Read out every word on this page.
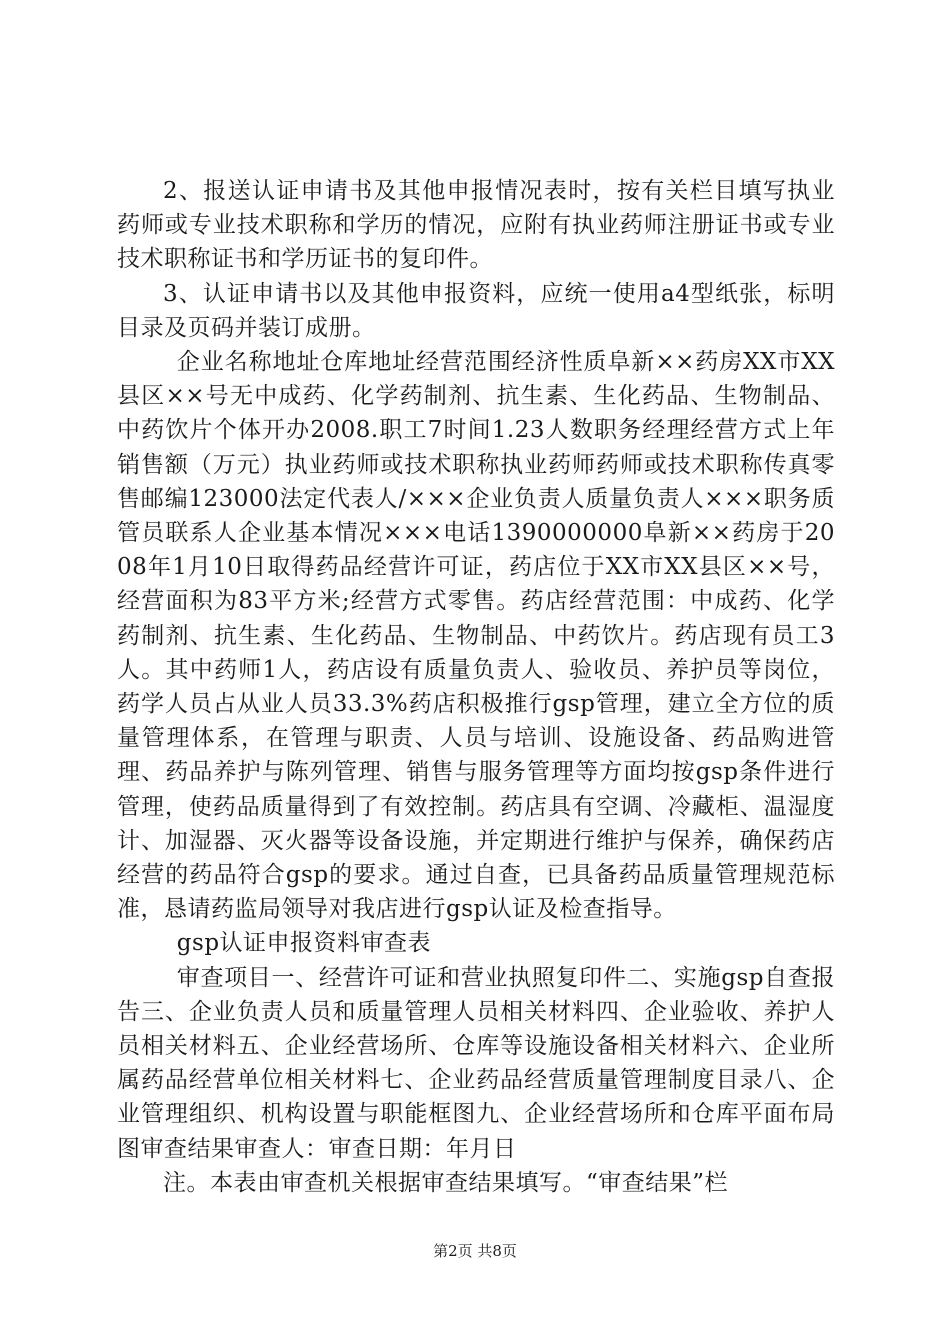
2、报送认证申请书及其他申报情况表时，按有关栏目填写执业药师或专业技术职称和学历的情况，应附有执业药师注册证书或专业技术职称证书和学历证书的复印件。

3、认证申请书以及其他申报资料，应统一使用a4型纸张，标明目录及页码并装订成册。

企业名称地址仓库地址经营范围经济性质阜新××药房XX市XX县区××号无中成药、化学药制剂、抗生素、生化药品、生物制品、中药饮片个体开办2008.职工7时间1.23人数职务经理经营方式上年销售额（万元）执业药师或技术职称执业药师药师或技术职称传真零售邮编123000法定代表人/×××企业负责人质量负责人×××职务质管员联系人企业基本情况×××电话1390000000阜新××药房于2008年1月10日取得药品经营许可证，药店位于XX市XX县区××号，经营面积为83平方米;经营方式零售。药店经营范围：中成药、化学药制剂、抗生素、生化药品、生物制品、中药饮片。药店现有员工3人。其中药师1人，药店设有质量负责人、验收员、养护员等岗位，药学人员占从业人员33.3%药店积极推行gsp管理，建立全方位的质量管理体系，在管理与职责、人员与培训、设施设备、药品购进管理、药品养护与陈列管理、销售与服务管理等方面均按gsp条件进行管理，使药品质量得到了有效控制。药店具有空调、冷藏柜、温湿度计、加湿器、灭火器等设备设施，并定期进行维护与保养，确保药店经营的药品符合gsp的要求。通过自查，已具备药品质量管理规范标准，恳请药监局领导对我店进行gsp认证及检查指导。

gsp认证申报资料审查表

审查项目一、经营许可证和营业执照复印件二、实施gsp自查报告三、企业负责人员和质量管理人员相关材料四、企业验收、养护人员相关材料五、企业经营场所、仓库等设施设备相关材料六、企业所属药品经营单位相关材料七、企业药品经营质量管理制度目录八、企业管理组织、机构设置与职能框图九、企业经营场所和仓库平面布局图审查结果审查人：审查日期：年月日

注。本表由审查机关根据审查结果填写。“审查结果”栏

第2页 共8页
